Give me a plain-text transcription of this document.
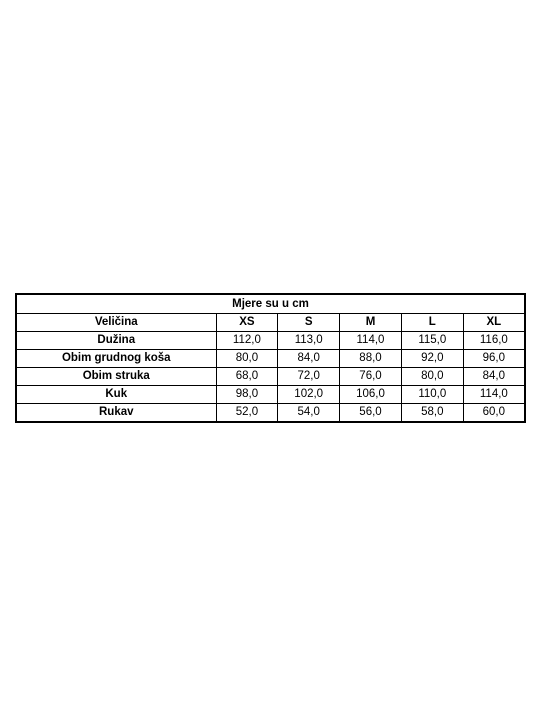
Mjere su u cm					
Veličina	XS	S	M	L	XL
Dužina	112,0	113,0	114,0	115,0	116,0
Obim grudnog koša	80,0	84,0	88,0	92,0	96,0
Obim struka	68,0	72,0	76,0	80,0	84,0
Kuk	98,0	102,0	106,0	110,0	114,0
Rukav	52,0	54,0	56,0	58,0	60,0
